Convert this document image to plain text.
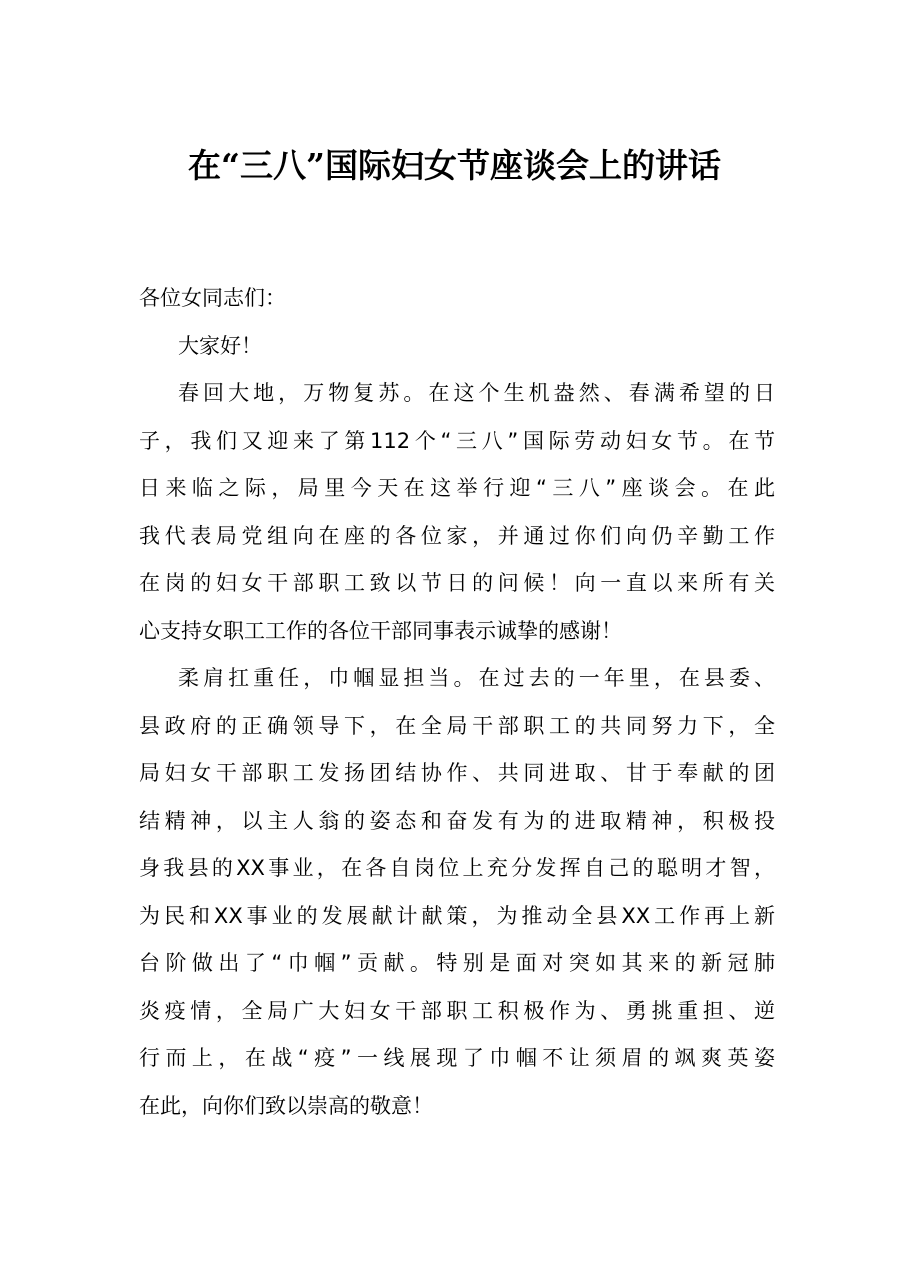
在“三八”国际妇女节座谈会上的讲话
各位女同志们：
大家好！
春回大地，万物复苏。在这个生机盎然、春满希望的日
子，我们又迎来了第112个“三八”国际劳动妇女节。在节
日来临之际，局里今天在这举行迎“三八”座谈会。在此
我代表局党组向在座的各位家，并通过你们向仍辛勤工作
在岗的妇女干部职工致以节日的问候！向一直以来所有关
心支持女职工工作的各位干部同事表示诚挚的感谢！
柔肩扛重任，巾帼显担当。在过去的一年里，在县委、
县政府的正确领导下，在全局干部职工的共同努力下，全
局妇女干部职工发扬团结协作、共同进取、甘于奉献的团
结精神，以主人翁的姿态和奋发有为的进取精神，积极投
身我县的XX事业，在各自岗位上充分发挥自己的聪明才智，
为民和XX事业的发展献计献策，为推动全县XX工作再上新
台阶做出了“巾帼”贡献。特别是面对突如其来的新冠肺
炎疫情，全局广大妇女干部职工积极作为、勇挑重担、逆
行而上，在战“疫”一线展现了巾帼不让须眉的飒爽英姿
在此，向你们致以崇高的敬意！
